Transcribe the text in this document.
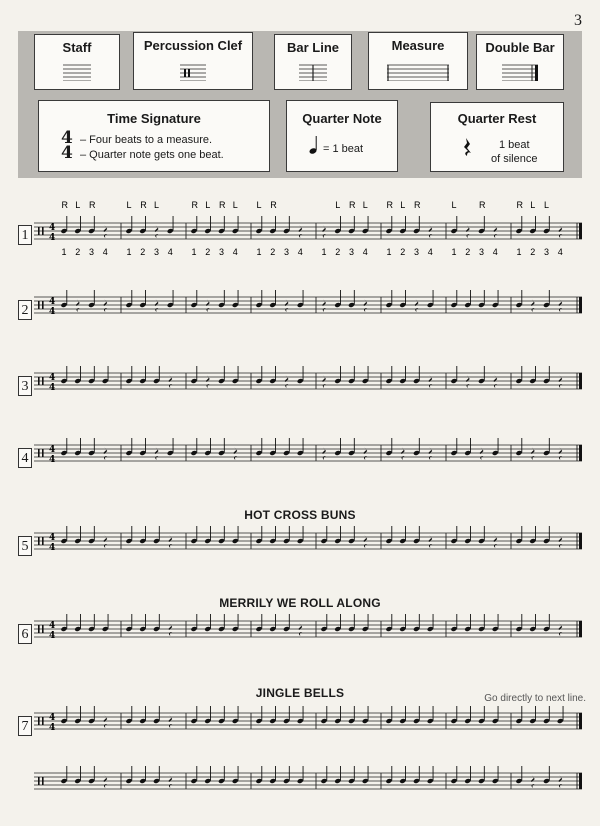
3
Staff	Percussion Clef	Bar Line	Measure	Double Bar
Time Signature
4
4
– Four beats to a measure.
– Quarter note gets one beat.
Quarter Note
= 1 beat
Quarter Rest
1 beat
of silence
1	4
4
R
1
L
2
R
3 4
L
1
R
2
L
3 4
R
1
L
2
R
3
L
4
L
1
R
2 3 4 1
L
2
R
3
L
4
R
1
L
2
R
3 4
L
1 2
R
3 4
R
1
L
2
L
3 4
2
4
4
3
4
4
4
4
4
HOT CROSS BUNS
5
4
4
MERRILY WE ROLL ALONG
6
4
4
JINGLE BELLS	Go directly to next line.
7
4
4
